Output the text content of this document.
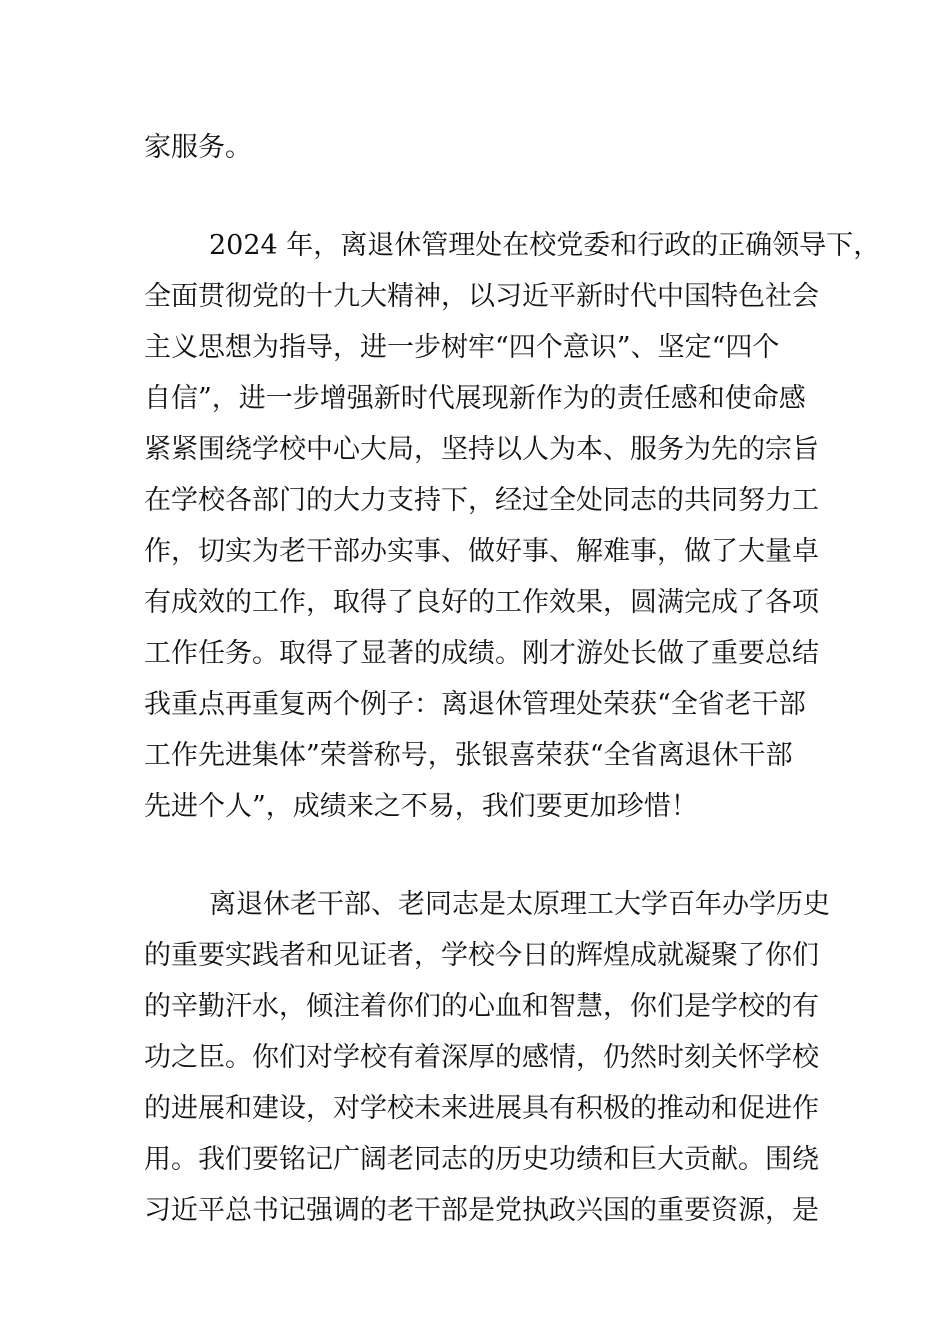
家服务。
2024 年，离退休管理处在校党委和行政的正确领导下，
全面贯彻党的十九大精神，以习近平新时代中国特色社会
主义思想为指导，进一步树牢“四个意识”、坚定“四个
自信”，进一步增强新时代展现新作为的责任感和使命感
紧紧围绕学校中心大局，坚持以人为本、服务为先的宗旨
在学校各部门的大力支持下，经过全处同志的共同努力工
作，切实为老干部办实事、做好事、解难事，做了大量卓
有成效的工作，取得了良好的工作效果，圆满完成了各项
工作任务。取得了显著的成绩。刚才游处长做了重要总结
我重点再重复两个例子：离退休管理处荣获“全省老干部
工作先进集体”荣誉称号，张银喜荣获“全省离退休干部
先进个人”，成绩来之不易，我们要更加珍惜！
离退休老干部、老同志是太原理工大学百年办学历史
的重要实践者和见证者，学校今日的辉煌成就凝聚了你们
的辛勤汗水，倾注着你们的心血和智慧，你们是学校的有
功之臣。你们对学校有着深厚的感情，仍然时刻关怀学校
的进展和建设，对学校未来进展具有积极的推动和促进作
用。我们要铭记广阔老同志的历史功绩和巨大贡献。围绕
习近平总书记强调的老干部是党执政兴国的重要资源，是
